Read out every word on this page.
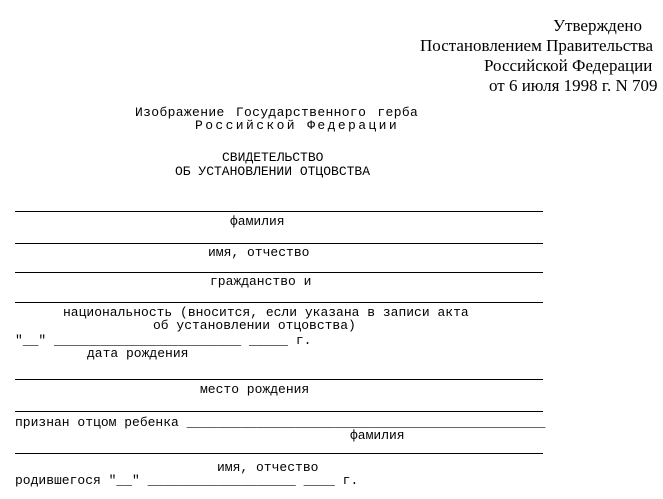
Утверждено
Постановлением Правительства
Российской Федерации
от 6 июля 1998 г. N 709
Изображение Государственного герба
Российской Федерации
СВИДЕТЕЛЬСТВО
ОБ УСТАНОВЛЕНИИ ОТЦОВСТВА
фамилия
имя, отчество
гражданство и
национальность (вносится, если указана в записи акта
об установлении отцовства)
"__" ________________________ _____ г.
дата рождения
место рождения
признан отцом ребенка ______________________________________________
фамилия
имя, отчество
родившегося "__" ___________________ ____ г.
